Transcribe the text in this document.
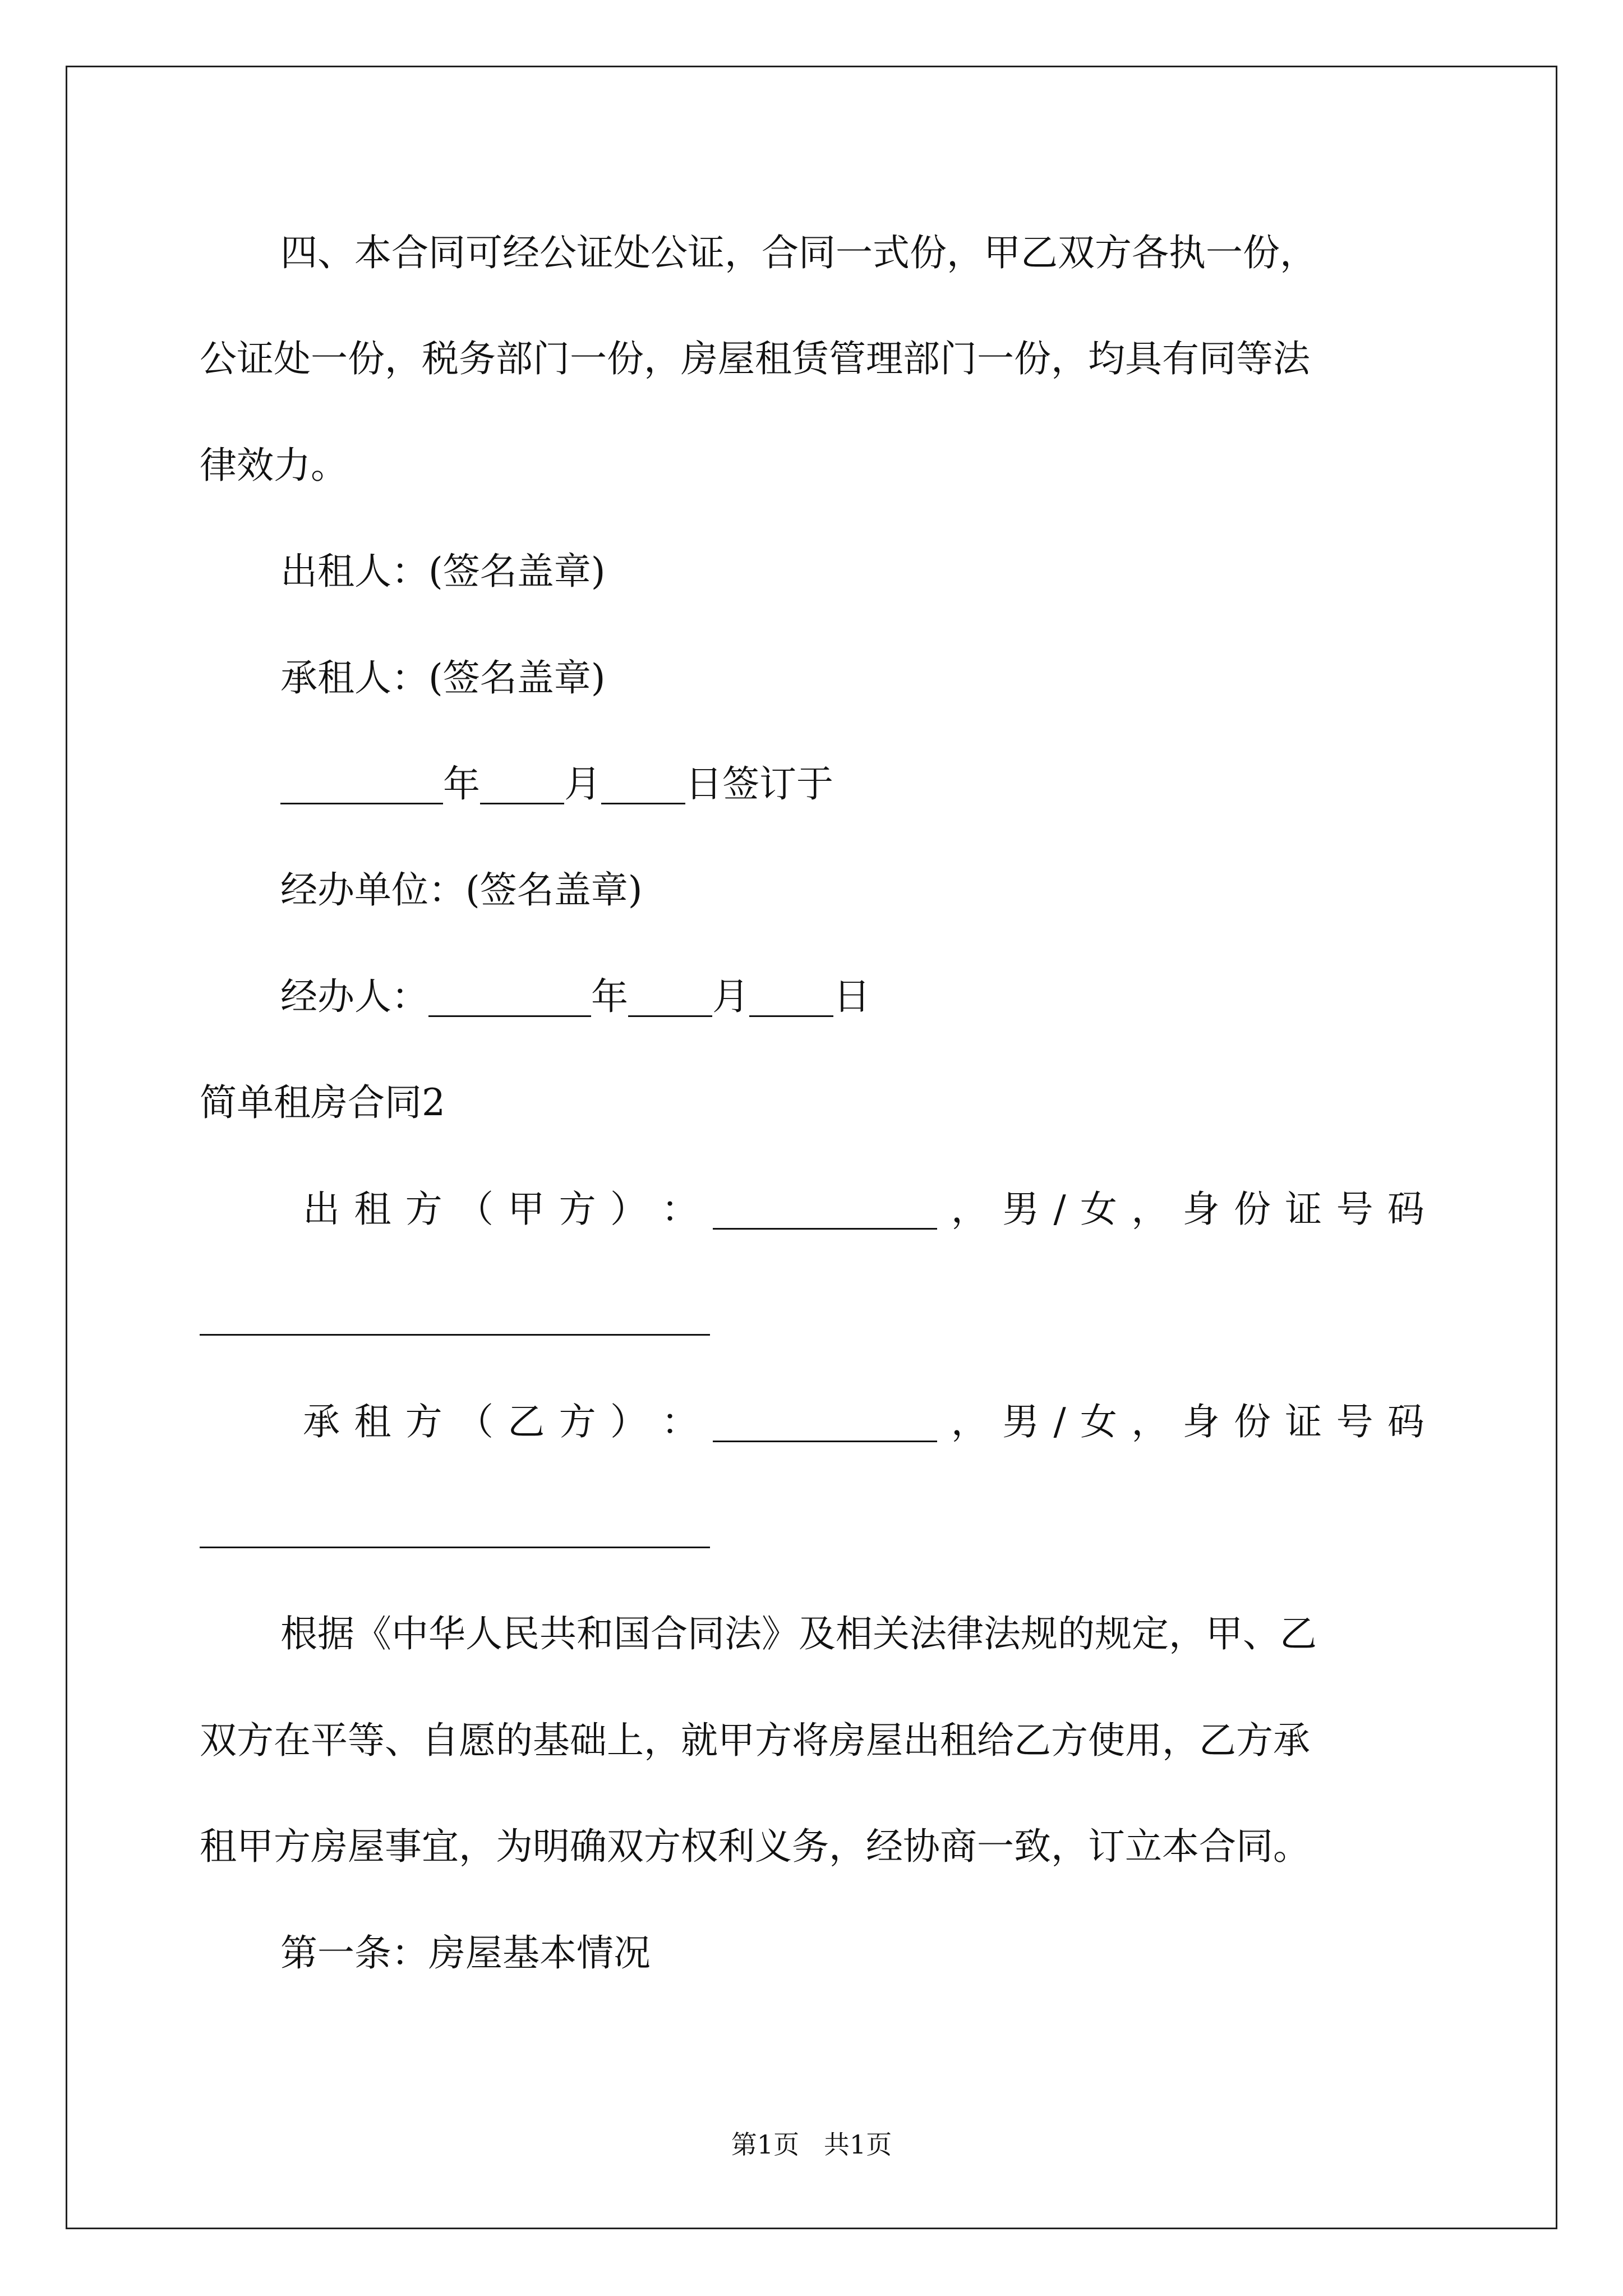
四、本合同可经公证处公证，合同一式份，甲乙双方各执一份，

公证处一份，税务部门一份，房屋租赁管理部门一份，均具有同等法

律效力。

出租人：(签名盖章)

承租人：(签名盖章)

年 月 日签订于

经办单位：(签名盖章)

经办人：	年 月 日

简单租房合同2

出 租 方 （ 甲 方 ） ：	， 男 / 女 ， 身 份 证 号 码
承 租 方 （ 乙 方 ） ：	， 男 / 女 ， 身 份 证 号 码

根据《中华人民共和国合同法》及相关法律法规的规定，甲、乙

双方在平等、自愿的基础上，就甲方将房屋出租给乙方使用，乙方承

租甲方房屋事宜，为明确双方权利义务，经协商一致，订立本合同。

第一条：房屋基本情况

第1页   共1页
